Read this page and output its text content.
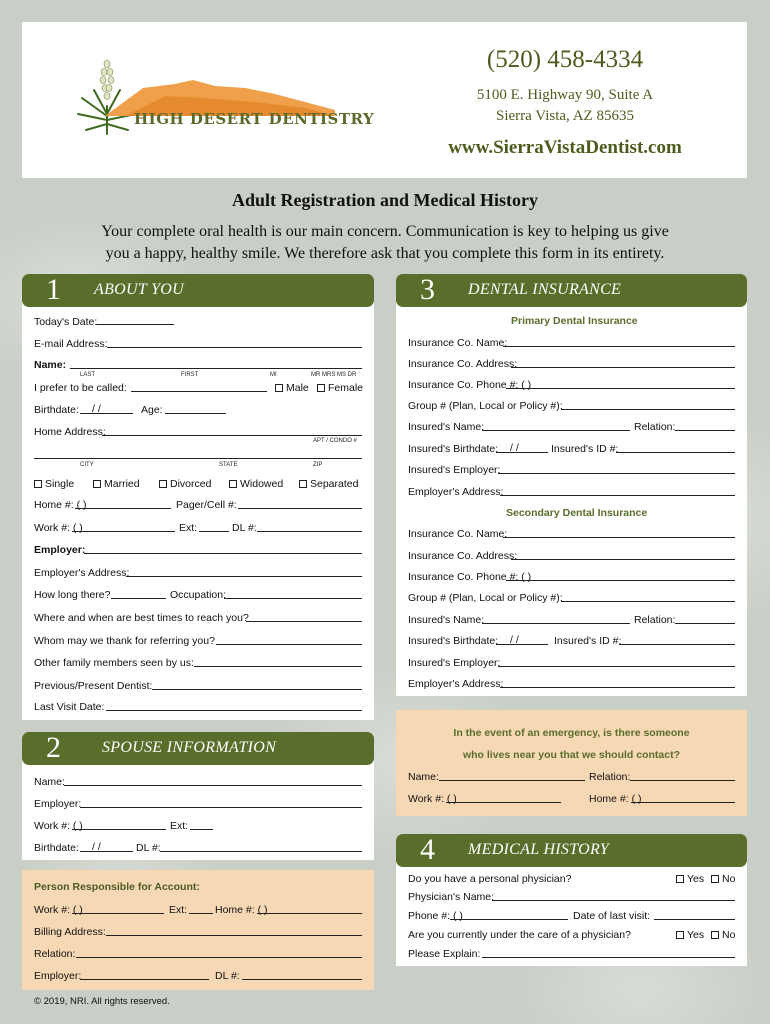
HIGH DESERT DENTISTRY
(520) 458-4334
5100 E. Highway 90, Suite A
Sierra Vista, AZ 85635
www.SierraVistaDentist.com
Adult Registration and Medical History
Your complete oral health is our main concern. Communication is key to helping us give
you a happy, healthy smile. We therefore ask that you complete this form in its entirety.
1 ABOUT YOU
Today's Date:
E-mail Address:
Name:
LAST	FIRST	MI	MR MRS MS DR
I prefer to be called:	Male	Female
Birthdate: / /	Age:
Home Address:
APT / CONDO #
CITY	STATE	ZIP
Single	Married	Divorced	Widowed	Separated
Home #: ( )	Pager/Cell #:
Work #: ( )	Ext:	DL #:
Employer:
Employer's Address:
How long there?	Occupation:
Where and when are best times to reach you?
Whom may we thank for referring you?
Other family members seen by us:
Previous/Present Dentist:
Last Visit Date:
2	SPOUSE INFORMATION
Name:
Employer:
Work #: ( )	Ext:
Birthdate: / /	DL #:
Person Responsible for Account:
Work #: ( )	Ext:	Home #: ( )
Billing Address:
Relation:
Employer:	DL #:
3 DENTAL INSURANCE
Primary Dental Insurance
Insurance Co. Name:
Insurance Co. Address:
Insurance Co. Phone #: ( )
Group # (Plan, Local or Policy #):
Insured's Name:	Relation:
Insured's Birthdate: / /	Insured's ID #:
Insured's Employer:
Employer's Address:
Secondary Dental Insurance
Insurance Co. Name:
Insurance Co. Address:
Insurance Co. Phone #: ( )
Group # (Plan, Local or Policy #):
Insured's Name:	Relation:
Insured's Birthdate: / /	Insured's ID #:
Insured's Employer:
Employer's Address:
In the event of an emergency, is there someone
who lives near you that we should contact?
Name:	Relation:
Work #: ( )	Home #: ( )
4 MEDICAL HISTORY
Do you have a personal physician?	Yes	No
Physician's Name:
Phone #: ( )	Date of last visit:
Are you currently under the care of a physician?	Yes	No
Please Explain:
© 2019, NRI. All rights reserved.
